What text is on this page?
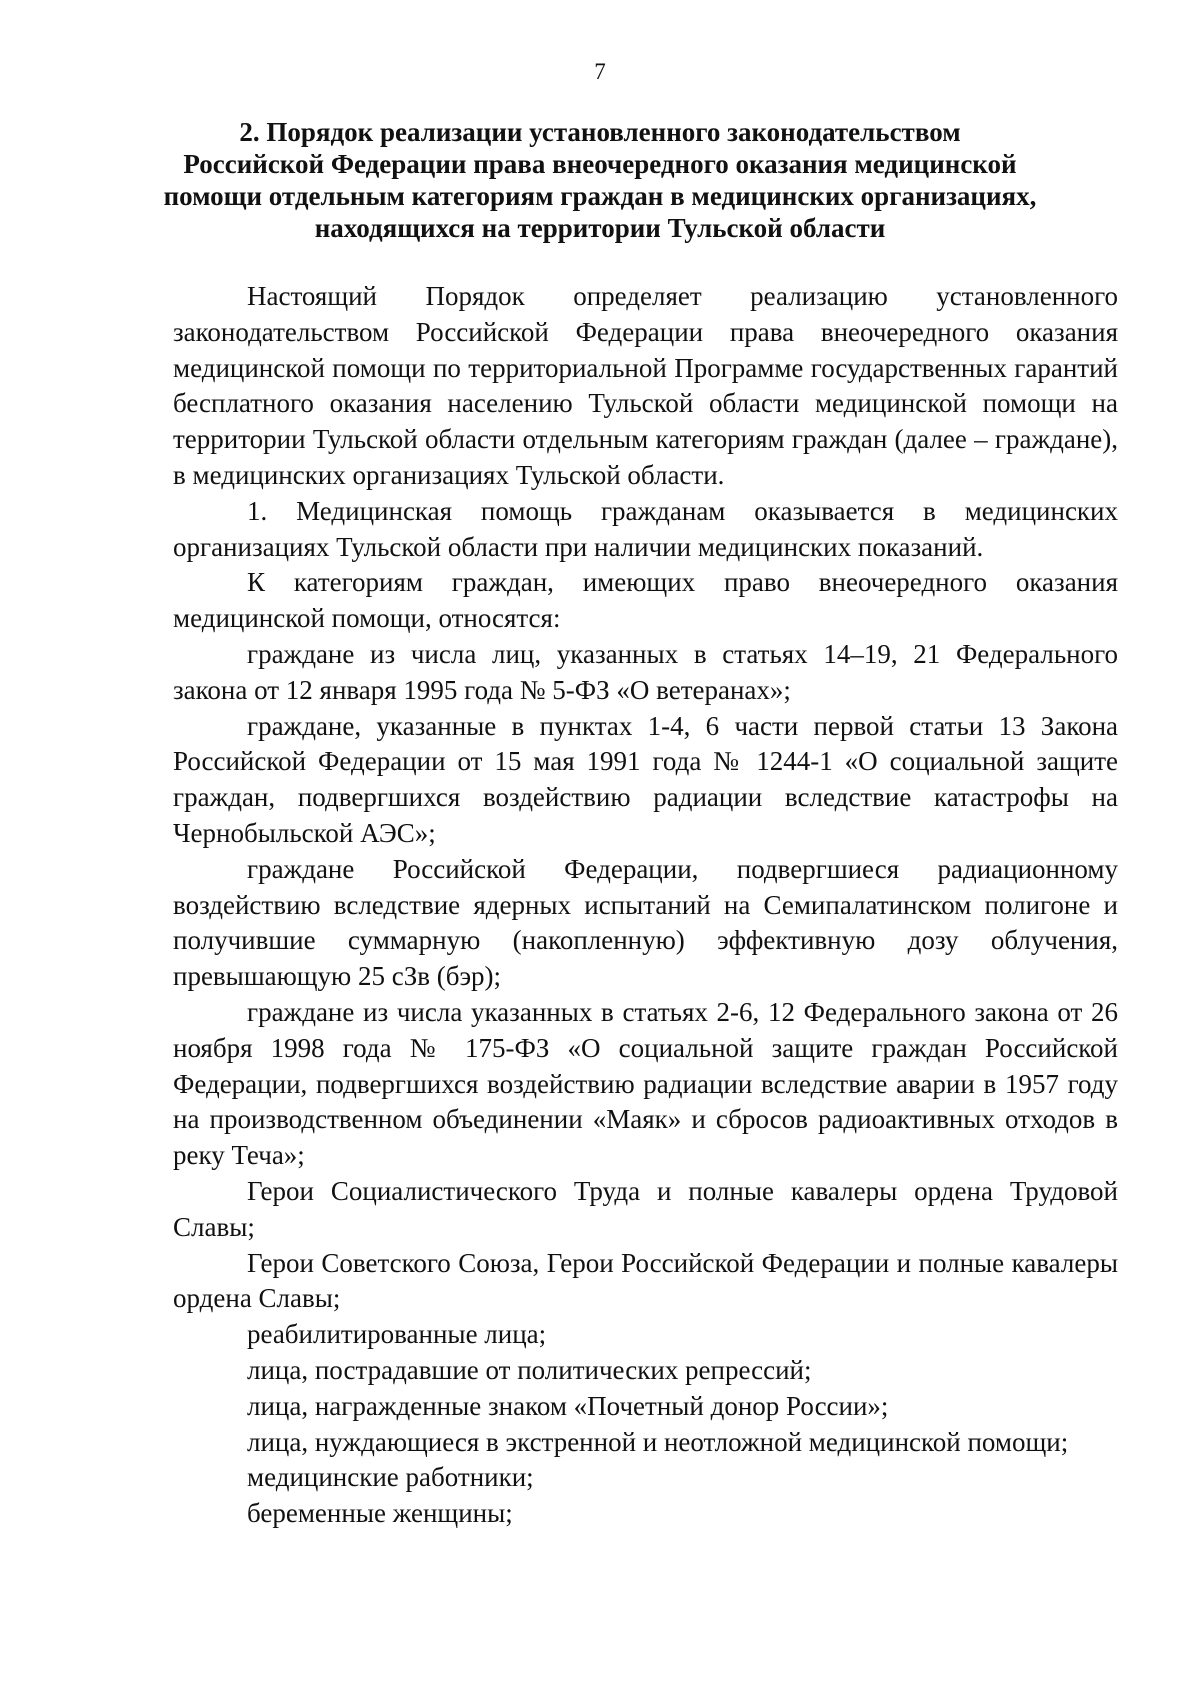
7
2. Порядок реализации установленного законодательством
Российской Федерации права внеочередного оказания медицинской
помощи отдельным категориям граждан в медицинских организациях,
находящихся на территории Тульской области

Настоящий Порядок определяет реализацию установленного законодательством Российской Федерации права внеочередного оказания медицинской помощи по территориальной Программе государственных гарантий бесплатного оказания населению Тульской области медицинской помощи на территории Тульской области отдельным категориям граждан (далее – граждане), в медицинских организациях Тульской области.

1. Медицинская помощь гражданам оказывается в медицинских организациях Тульской области при наличии медицинских показаний.

К категориям граждан, имеющих право внеочередного оказания медицинской помощи, относятся:

граждане из числа лиц, указанных в статьях 14–19, 21 Федерального закона от 12 января 1995 года № 5-ФЗ «О ветеранах»;

граждане, указанные в пунктах 1-4, 6 части первой статьи 13 Закона Российской Федерации от 15 мая 1991 года № 1244-1 «О социальной защите граждан, подвергшихся воздействию радиации вследствие катастрофы на Чернобыльской АЭС»;

граждане Российской Федерации, подвергшиеся радиационному воздействию вследствие ядерных испытаний на Семипалатинском полигоне и получившие суммарную (накопленную) эффективную дозу облучения, превышающую 25 сЗв (бэр);

граждане из числа указанных в статьях 2-6, 12 Федерального закона от 26 ноября 1998 года № 175-ФЗ «О социальной защите граждан Российской Федерации, подвергшихся воздействию радиации вследствие аварии в 1957 году на производственном объединении «Маяк» и сбросов радиоактивных отходов в реку Теча»;

Герои Социалистического Труда и полные кавалеры ордена Трудовой Славы;

Герои Советского Союза, Герои Российской Федерации и полные кавалеры ордена Славы;

реабилитированные лица;

лица, пострадавшие от политических репрессий;

лица, награжденные знаком «Почетный донор России»;

лица, нуждающиеся в экстренной и неотложной медицинской помощи;

медицинские работники;

беременные женщины;
